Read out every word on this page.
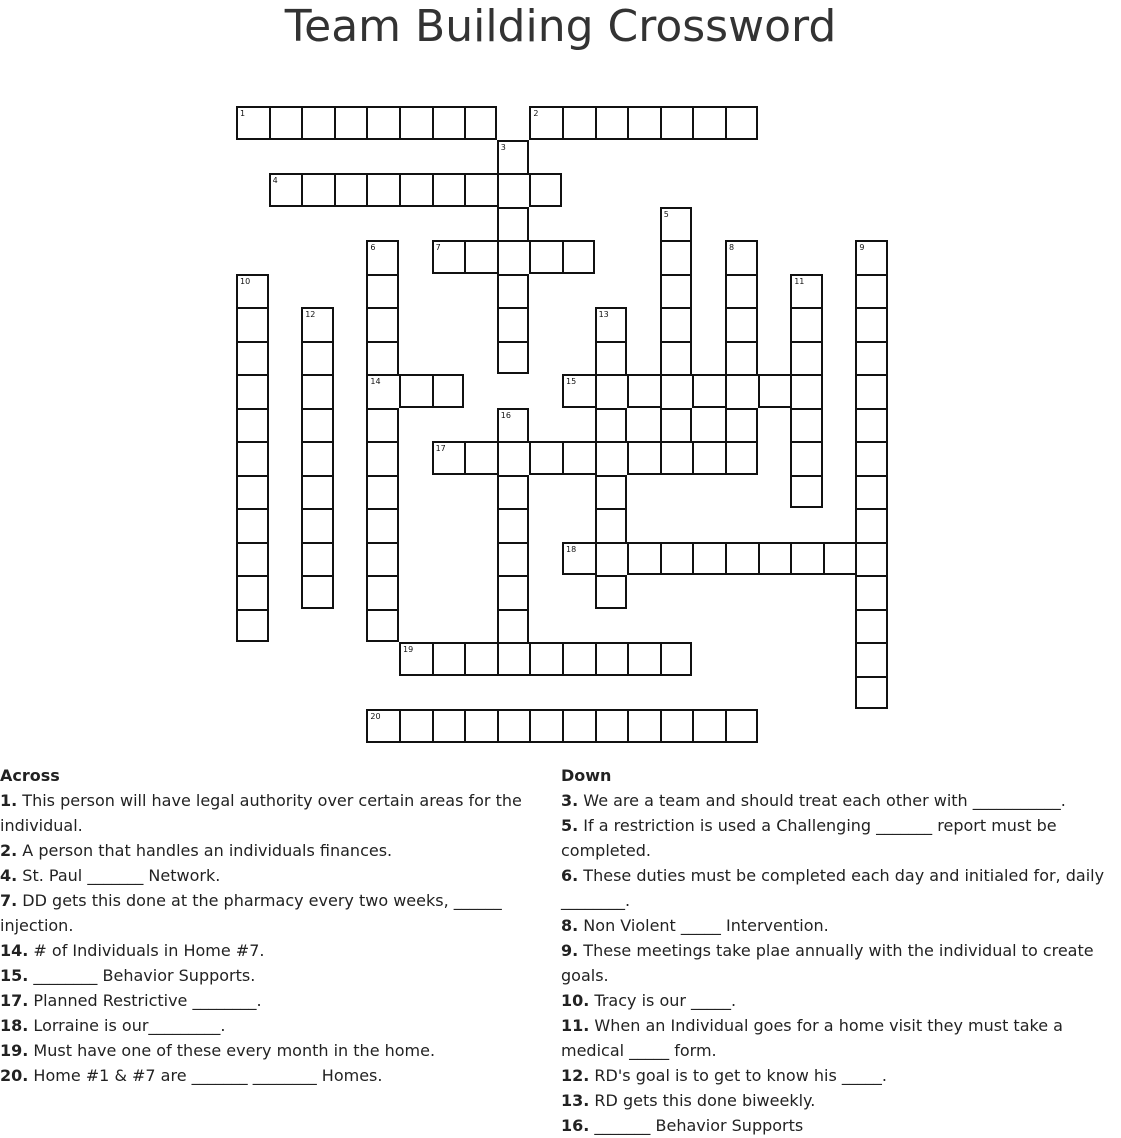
Team Building Crossword
1	2
4
7
14	15
17
18
19
20
3
5
6	8	9
10	11
12	13
16
Across
1. This person will have legal authority over certain areas for the individual.
2. A person that handles an individuals finances.
4. St. Paul _______ Network.
7. DD gets this done at the pharmacy every two weeks, ______ injection.
14. # of Individuals in Home #7.
15. ________ Behavior Supports.
17. Planned Restrictive ________.
18. Lorraine is our_________.
19. Must have one of these every month in the home.
20. Home #1 & #7 are _______ ________ Homes.
Down
3. We are a team and should treat each other with ___________.
5. If a restriction is used a Challenging _______ report must be completed.
6. These duties must be completed each day and initialed for, daily ________.
8. Non Violent _____ Intervention.
9. These meetings take plae annually with the individual to create goals.
10. Tracy is our _____.
11. When an Individual goes for a home visit they must take a medical _____ form.
12. RD's goal is to get to know his _____.
13. RD gets this done biweekly.
16. _______ Behavior Supports
